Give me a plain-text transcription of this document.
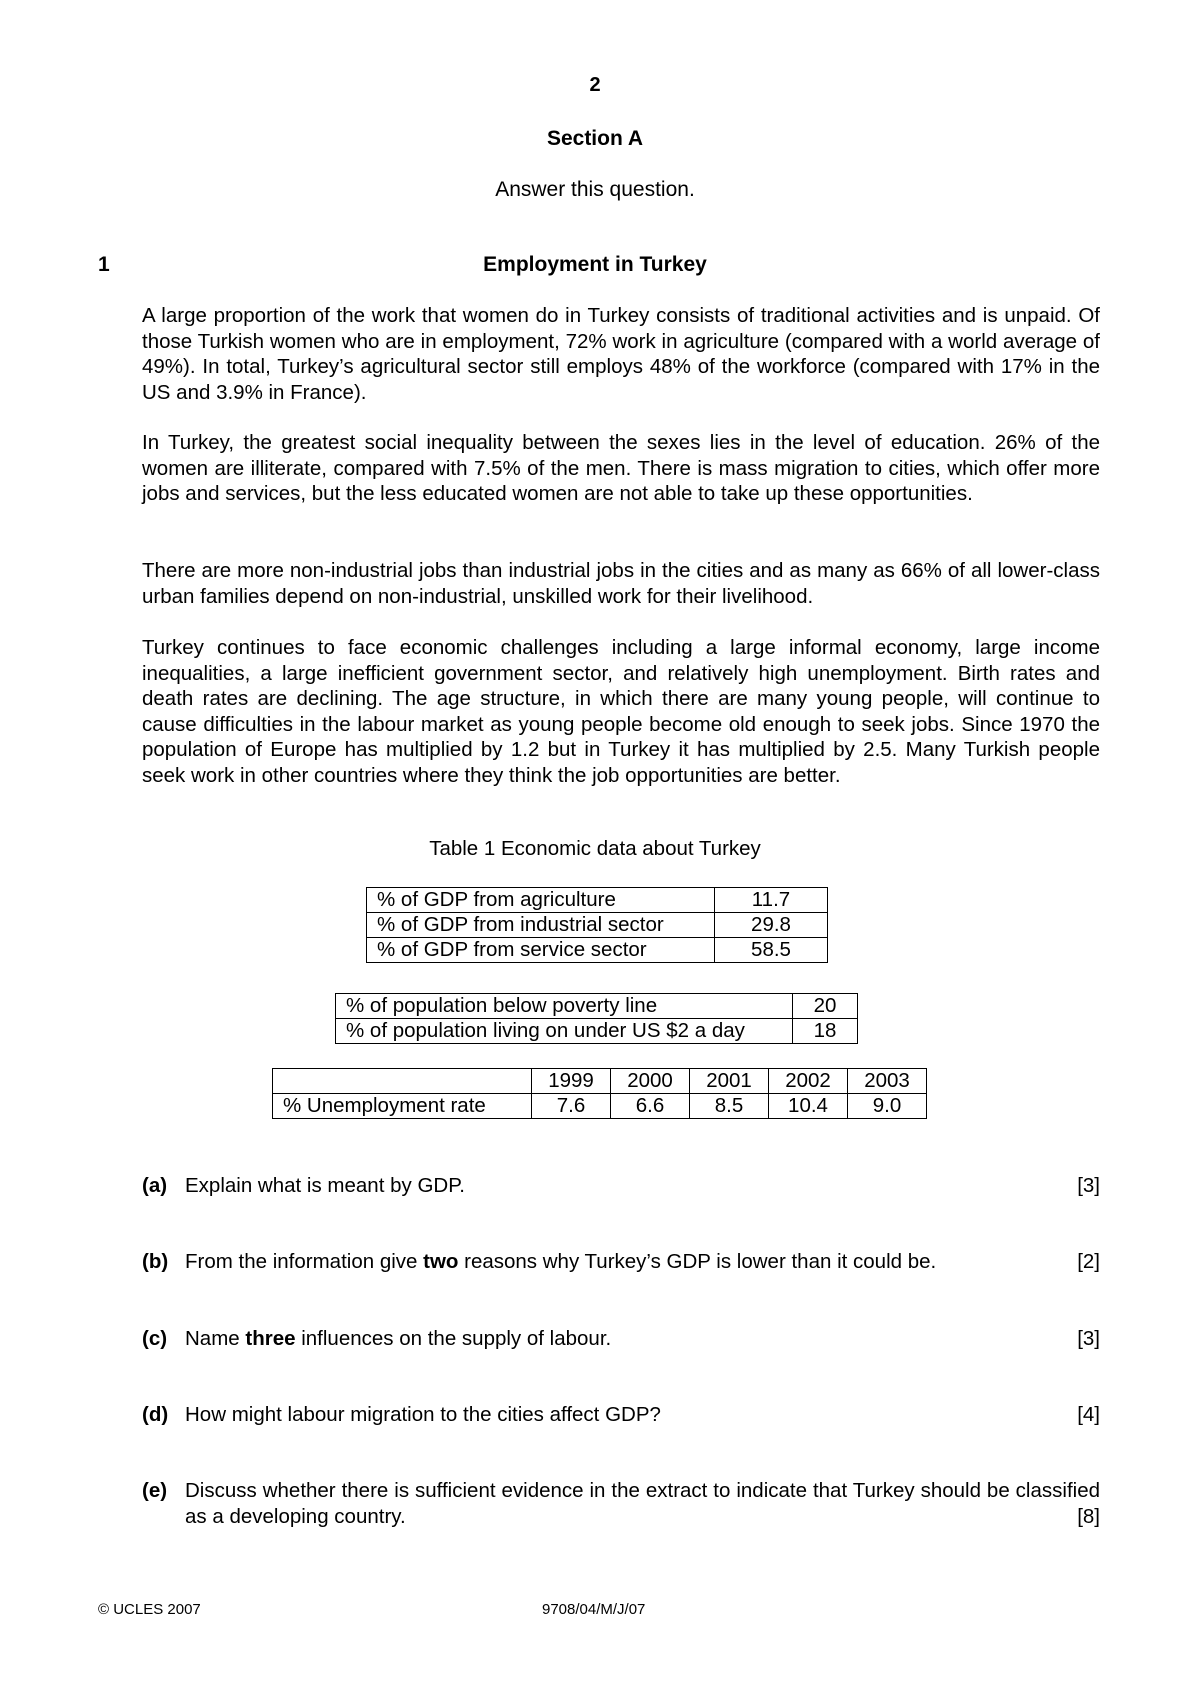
2
Section A
Answer this question.
1	Employment in Turkey

A large proportion of the work that women do in Turkey consists of traditional activities and is unpaid. Of those Turkish women who are in employment, 72% work in agriculture (compared with a world average of 49%). In total, Turkey’s agricultural sector still employs 48% of the workforce (compared with 17% in the US and 3.9% in France).

In Turkey, the greatest social inequality between the sexes lies in the level of education. 26% of the women are illiterate, compared with 7.5% of the men. There is mass migration to cities, which offer more jobs and services, but the less educated women are not able to take up these opportunities.

There are more non-industrial jobs than industrial jobs in the cities and as many as 66% of all lower-class urban families depend on non-industrial, unskilled work for their livelihood.

Turkey continues to face economic challenges including a large informal economy, large income inequalities, a large inefficient government sector, and relatively high unemployment. Birth rates and death rates are declining. The age structure, in which there are many young people, will continue to cause difficulties in the labour market as young people become old enough to seek jobs. Since 1970 the population of Europe has multiplied by 1.2 but in Turkey it has multiplied by 2.5. Many Turkish people seek work in other countries where they think the job opportunities are better.

Table 1 Economic data about Turkey
% of GDP from agriculture	11.7
% of GDP from industrial sector	29.8
% of GDP from service sector	58.5
% of population below poverty line	20
% of population living on under US $2 a day	18
	1999	2000	2001	2002	2003
% Unemployment rate	7.6	6.6	8.5	10.4	9.0
(a) Explain what is meant by GDP.	[3]
(b) From the information give two reasons why Turkey’s GDP is lower than it could be.	[2]
(c) Name three influences on the supply of labour.	[3]
(d) How might labour migration to the cities affect GDP?	[4]
(e) Discuss whether there is sufficient evidence in the extract to indicate that Turkey should be classified as a developing country.	[8]
© UCLES 2007	9708/04/M/J/07
